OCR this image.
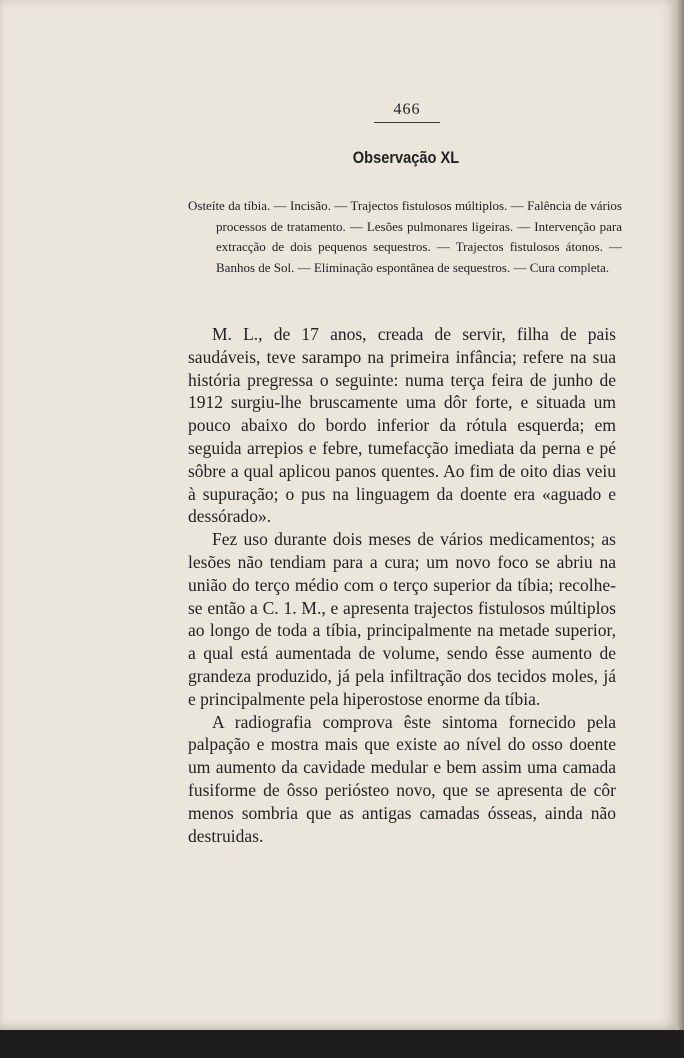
466
Observação XL

Osteíte da tíbia. — Incisão. — Trajectos fistulosos múltiplos. — Falência de vários processos de tratamento. — Lesões pulmonares ligeiras. — Intervenção para extracção de dois pequenos sequestros. — Trajectos fistulosos átonos. — Banhos de Sol. — Eliminação espontânea de sequestros. — Cura completa.

M. L., de 17 anos, creada de servir, filha de pais saudáveis, teve sarampo na primeira infância; refere na sua história pregressa o seguinte: numa terça feira de junho de 1912 surgiu-lhe bruscamente uma dôr forte, e situada um pouco abaixo do bordo inferior da rótula esquerda; em seguida arrepios e febre, tumefacção imediata da perna e pé sôbre a qual aplicou panos quentes. Ao fim de oito dias veiu à supuração; o pus na linguagem da doente era «aguado e dessórado».

Fez uso durante dois meses de vários medicamentos; as lesões não tendiam para a cura; um novo foco se abriu na união do terço médio com o terço superior da tíbia; recolhe-se então a C. 1. M., e apresenta trajectos fistulosos múltiplos ao longo de toda a tíbia, principalmente na metade superior, a qual está aumentada de volume, sendo êsse aumento de grandeza produzido, já pela infiltração dos tecidos moles, já e principalmente pela hiperostose enorme da tíbia.

A radiografia comprova êste sintoma fornecido pela palpação e mostra mais que existe ao nível do osso doente um aumento da cavidade medular e bem assim uma camada fusiforme de ôsso periósteo novo, que se apresenta de côr menos sombria que as antigas camadas ósseas, ainda não destruidas.
